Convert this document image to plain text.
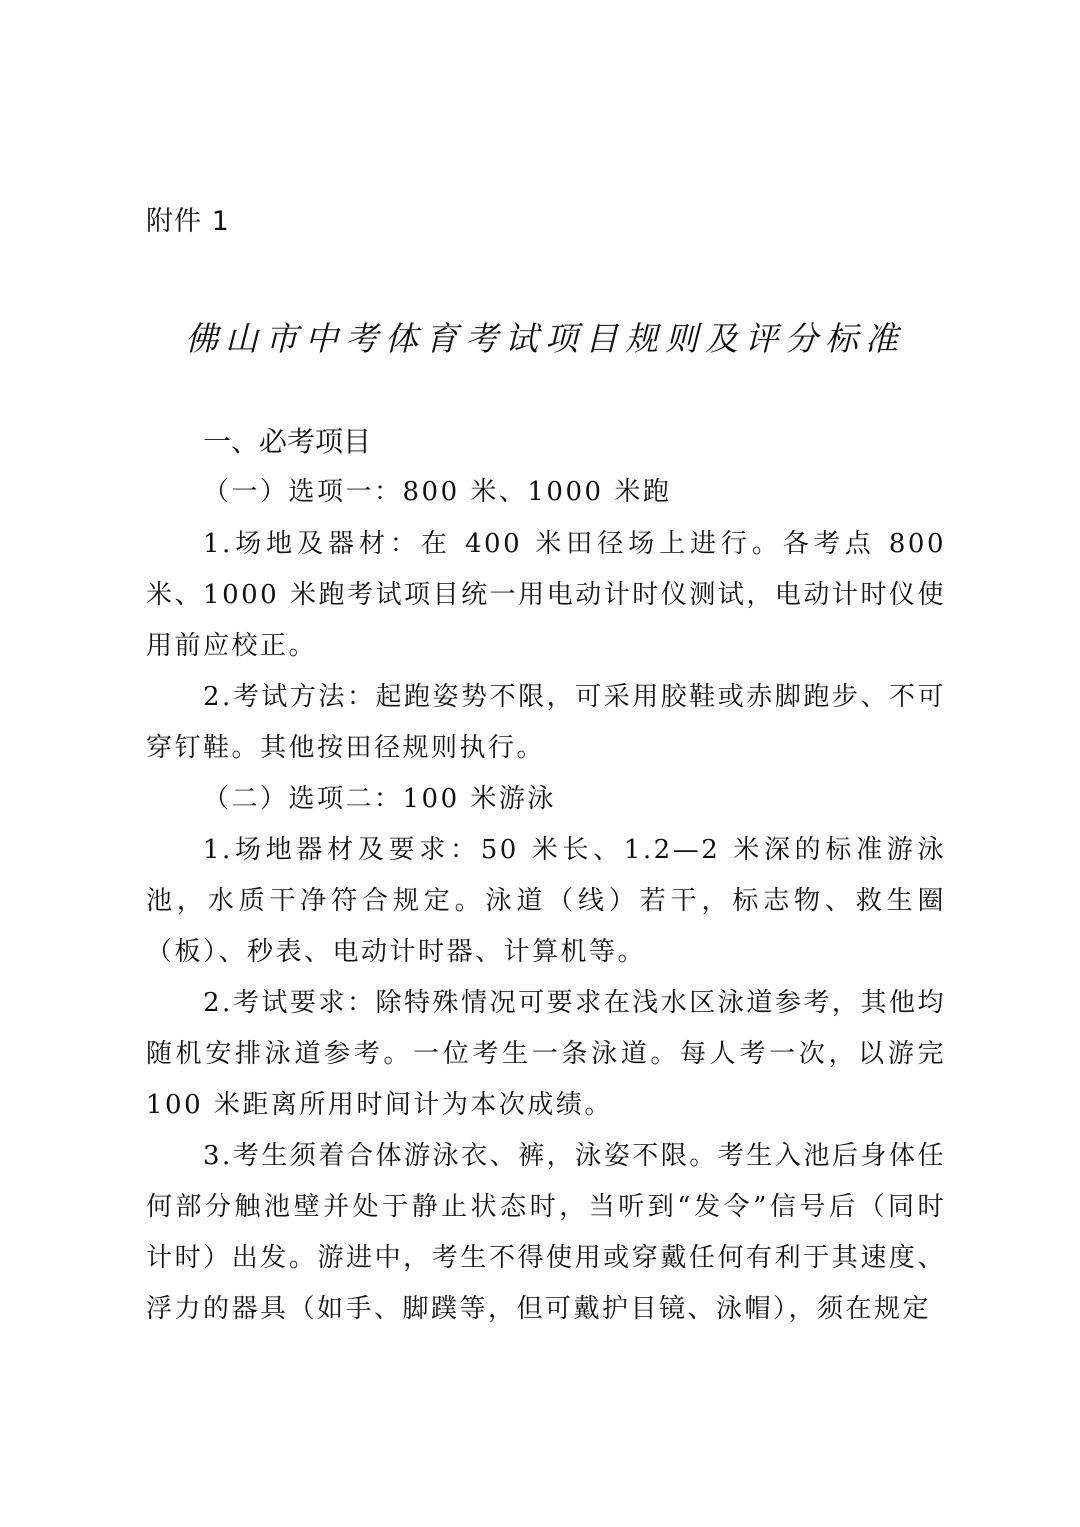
附件 1
佛山市中考体育考试项目规则及评分标准
一、必考项目
（一）选项一：800 米、1000 米跑
1.场地及器材：在 400 米田径场上进行。各考点 800 米、1000 米跑考试项目统一用电动计时仪测试，电动计时仪使用前应校正。
2.考试方法：起跑姿势不限，可采用胶鞋或赤脚跑步、不可穿钉鞋。其他按田径规则执行。
（二）选项二：100 米游泳
1.场地器材及要求：50 米长、1.2—2 米深的标准游泳池，水质干净符合规定。泳道（线）若干，标志物、救生圈（板）、秒表、电动计时器、计算机等。
2.考试要求：除特殊情况可要求在浅水区泳道参考，其他均随机安排泳道参考。一位考生一条泳道。每人考一次，以游完 100 米距离所用时间计为本次成绩。
3.考生须着合体游泳衣、裤，泳姿不限。考生入池后身体任何部分触池壁并处于静止状态时，当听到“发令”信号后（同时计时）出发。游进中，考生不得使用或穿戴任何有利于其速度、浮力的器具（如手、脚蹼等，但可戴护目镜、泳帽），须在规定
